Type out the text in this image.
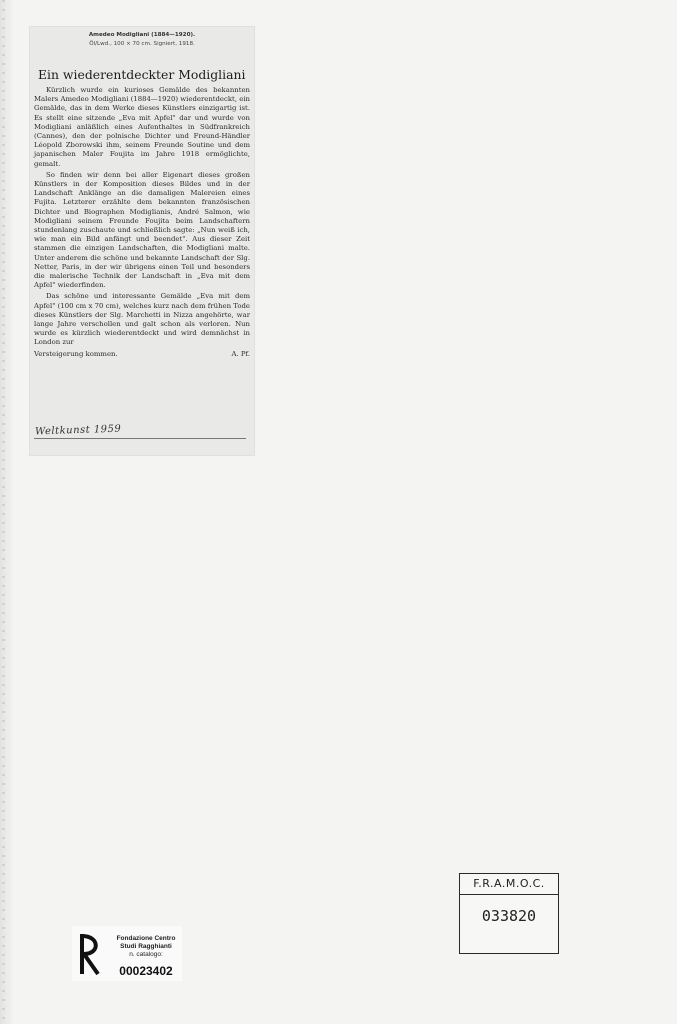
Amedeo Modigliani (1884—1920).
Öl/Lwd., 100 × 70 cm. Signiert, 1918.
Ein wiederentdeckter Modigliani

Kürzlich wurde ein kurioses Gemälde des bekannten Malers Amedeo Modigliani (1884—1920) wiederentdeckt, ein Gemälde, das in dem Werke dieses Künstlers einzigartig ist. Es stellt eine sitzende „Eva mit Apfel" dar und wurde von Modigliani anläßlich eines Aufenthaltes in Südfrankreich (Cannes), den der polnische Dichter und Freund-Händler Léopold Zborowski ihm, seinem Freunde Soutine und dem japanischen Maler Foujita im Jahre 1918 ermöglichte, gemalt.

So finden wir denn bei aller Eigenart dieses großen Künstlers in der Komposition dieses Bildes und in der Landschaft Anklänge an die damaligen Malereien eines Fujita. Letzterer erzählte dem bekannten französischen Dichter und Biographen Modiglianis, André Salmon, wie Modigliani seinem Freunde Foujita beim Landschaftern stundenlang zuschaute und schließlich sagte: „Nun weiß ich, wie man ein Bild anfängt und beendet". Aus dieser Zeit stammen die einzigen Landschaften, die Modigliani malte. Unter anderem die schöne und bekannte Landschaft der Slg. Netter, Paris, in der wir übrigens einen Teil und besonders die malerische Technik der Landschaft in „Eva mit dem Apfel" wiederfinden.

Das schöne und interessante Gemälde „Eva mit dem Apfel" (100 cm x 70 cm), welches kurz nach dem frühen Tode dieses Künstlers der Slg. Marchetti in Nizza angehörte, war lange Jahre verschollen und galt schon als verloren. Nun wurde es kürzlich wiederentdeckt und wird demnächst in London zur

Versteigerung kommen.	A. Pf.
Weltkunst 1959
F.R.A.M.O.C.
033820
Fondazione Centro
Studi Ragghianti
n. catalogo:
00023402
